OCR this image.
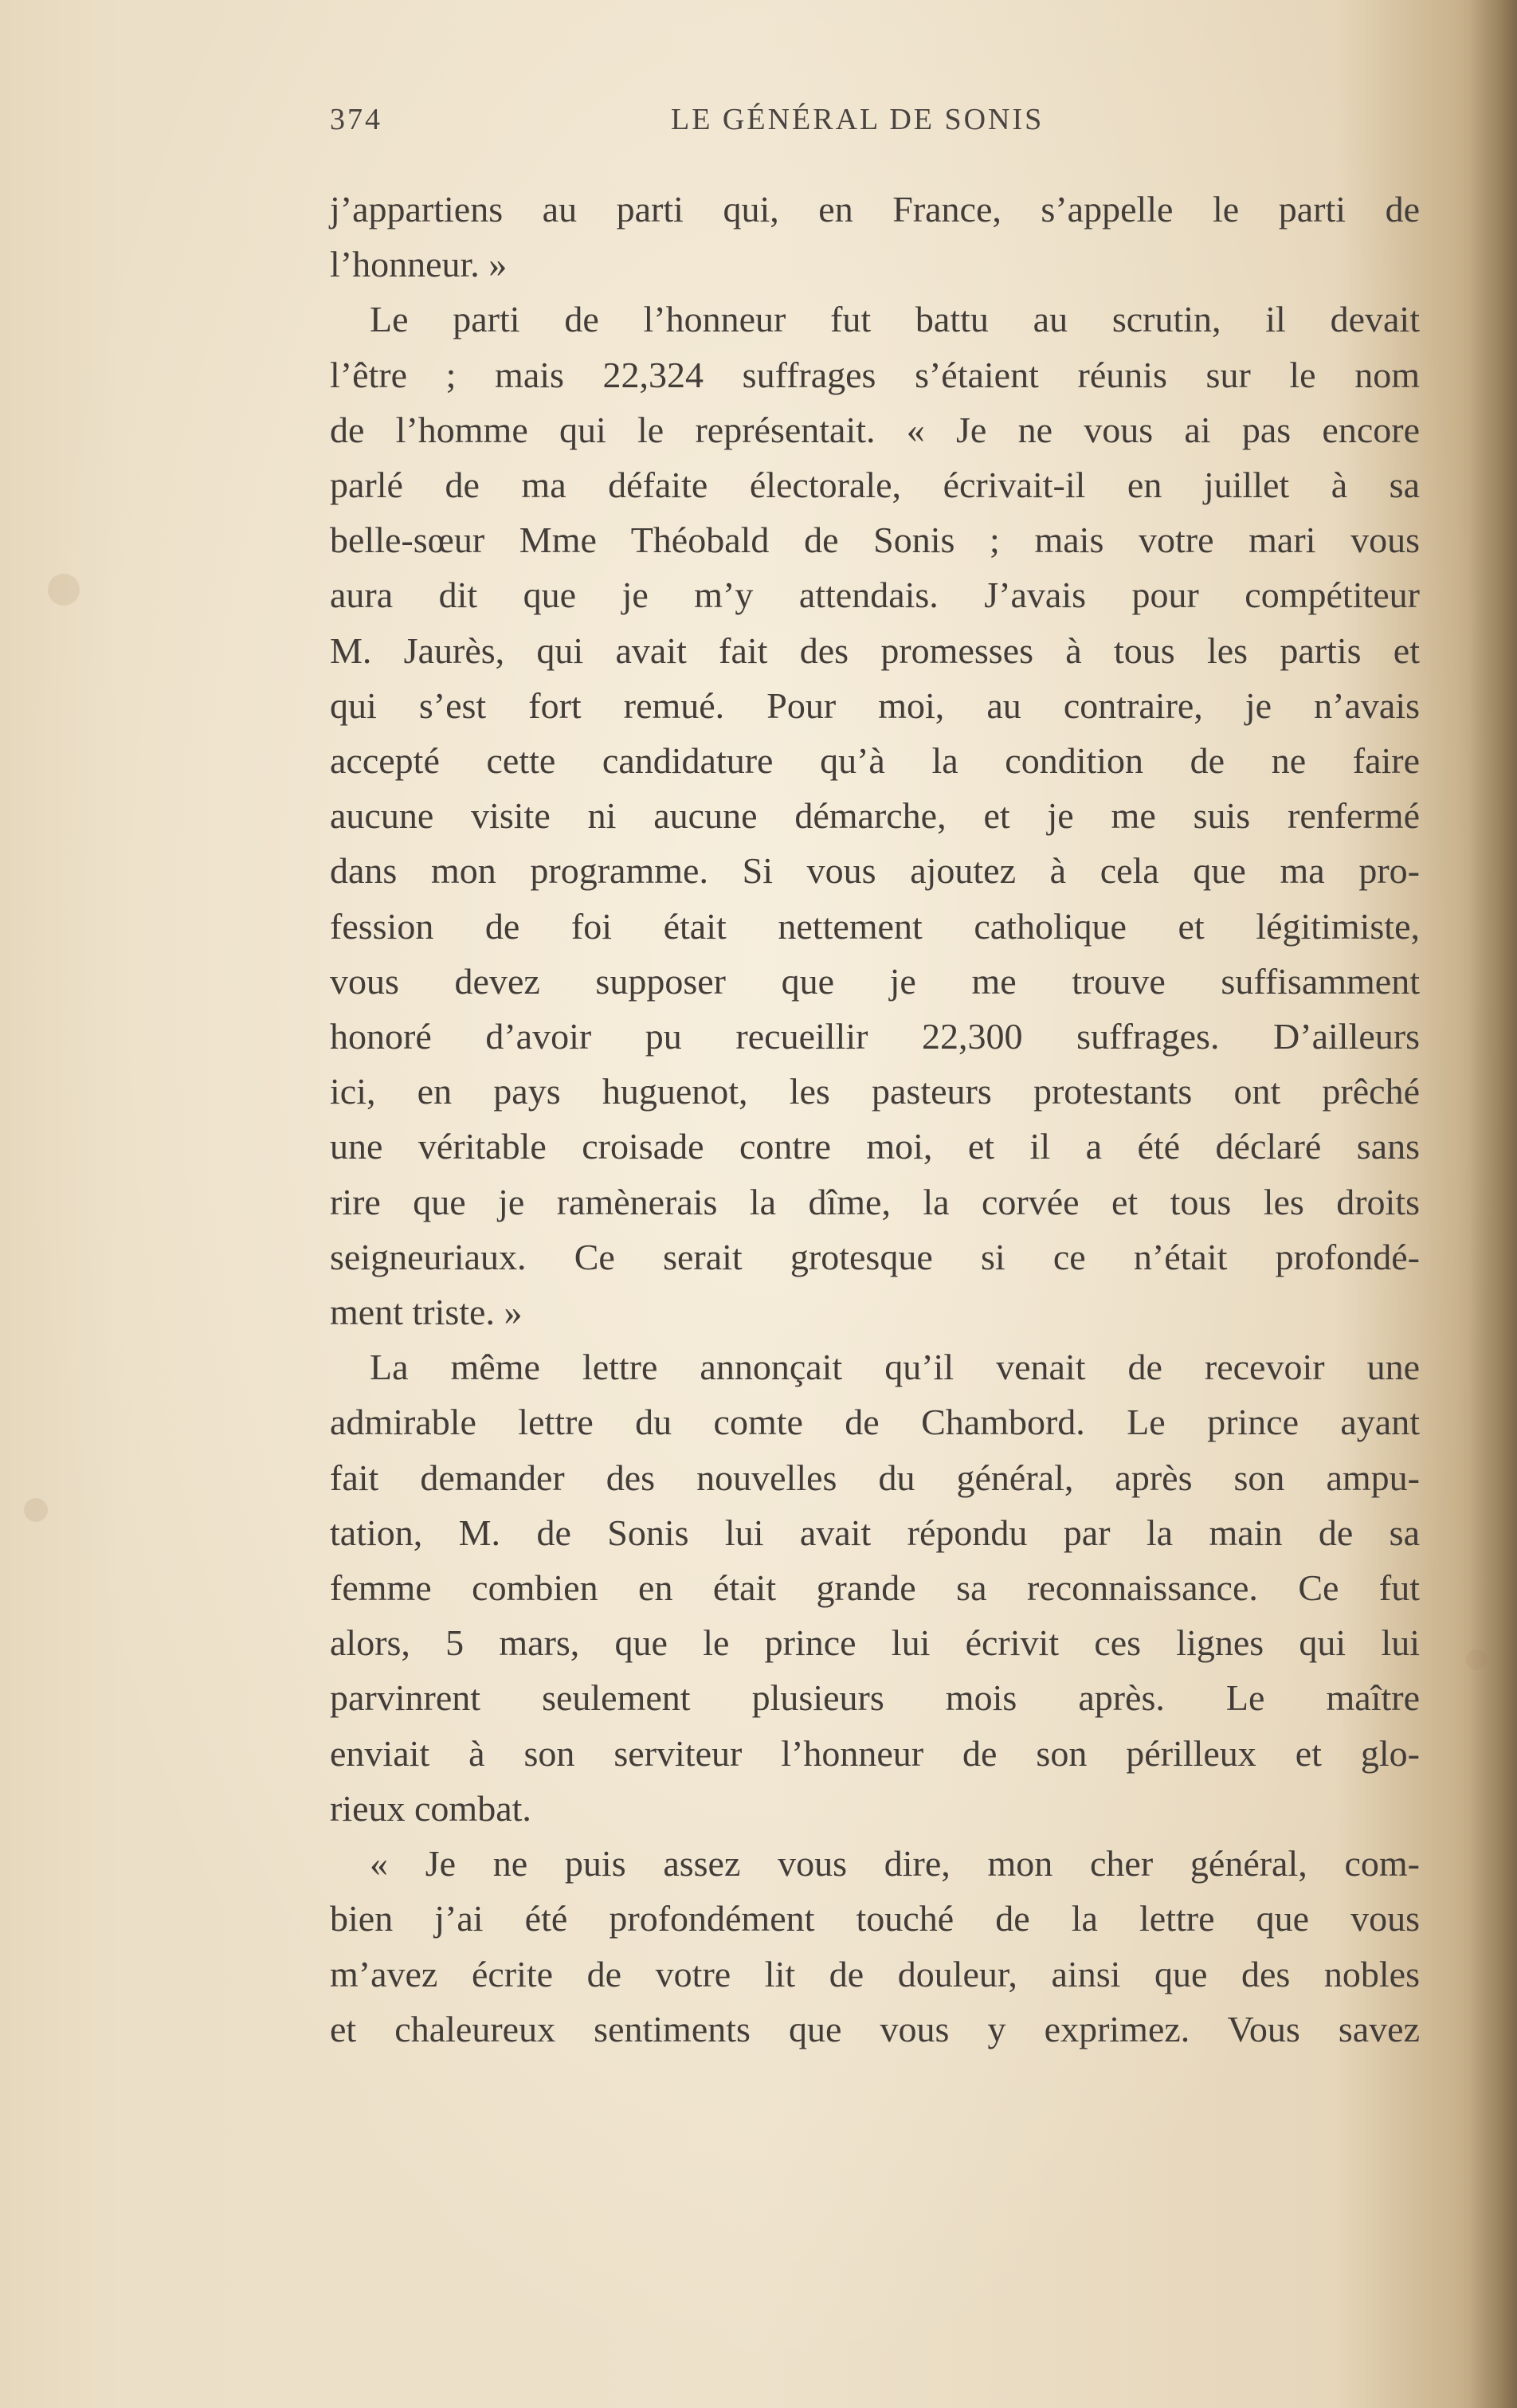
374	LE GÉNÉRAL DE SONIS
j’appartiens au parti qui, en France, s’appelle le parti de
l’honneur. »
Le parti de l’honneur fut battu au scrutin, il devait
l’être ; mais 22,324 suffrages s’étaient réunis sur le nom
de l’homme qui le représentait. « Je ne vous ai pas encore
parlé de ma défaite électorale, écrivait-il en juillet à sa
belle-sœur Mme Théobald de Sonis ; mais votre mari vous
aura dit que je m’y attendais. J’avais pour compétiteur
M. Jaurès, qui avait fait des promesses à tous les partis et
qui s’est fort remué. Pour moi, au contraire, je n’avais
accepté cette candidature qu’à la condition de ne faire
aucune visite ni aucune démarche, et je me suis renfermé
dans mon programme. Si vous ajoutez à cela que ma pro-
fession de foi était nettement catholique et légitimiste,
vous devez supposer que je me trouve suffisamment
honoré d’avoir pu recueillir 22,300 suffrages. D’ailleurs
ici, en pays huguenot, les pasteurs protestants ont prêché
une véritable croisade contre moi, et il a été déclaré sans
rire que je ramènerais la dîme, la corvée et tous les droits
seigneuriaux. Ce serait grotesque si ce n’était profondé-
ment triste. »
La même lettre annonçait qu’il venait de recevoir une
admirable lettre du comte de Chambord. Le prince ayant
fait demander des nouvelles du général, après son ampu-
tation, M. de Sonis lui avait répondu par la main de sa
femme combien en était grande sa reconnaissance. Ce fut
alors, 5 mars, que le prince lui écrivit ces lignes qui lui
parvinrent seulement plusieurs mois après. Le maître
enviait à son serviteur l’honneur de son périlleux et glo-
rieux combat.
« Je ne puis assez vous dire, mon cher général, com-
bien j’ai été profondément touché de la lettre que vous
m’avez écrite de votre lit de douleur, ainsi que des nobles
et chaleureux sentiments que vous y exprimez. Vous savez
